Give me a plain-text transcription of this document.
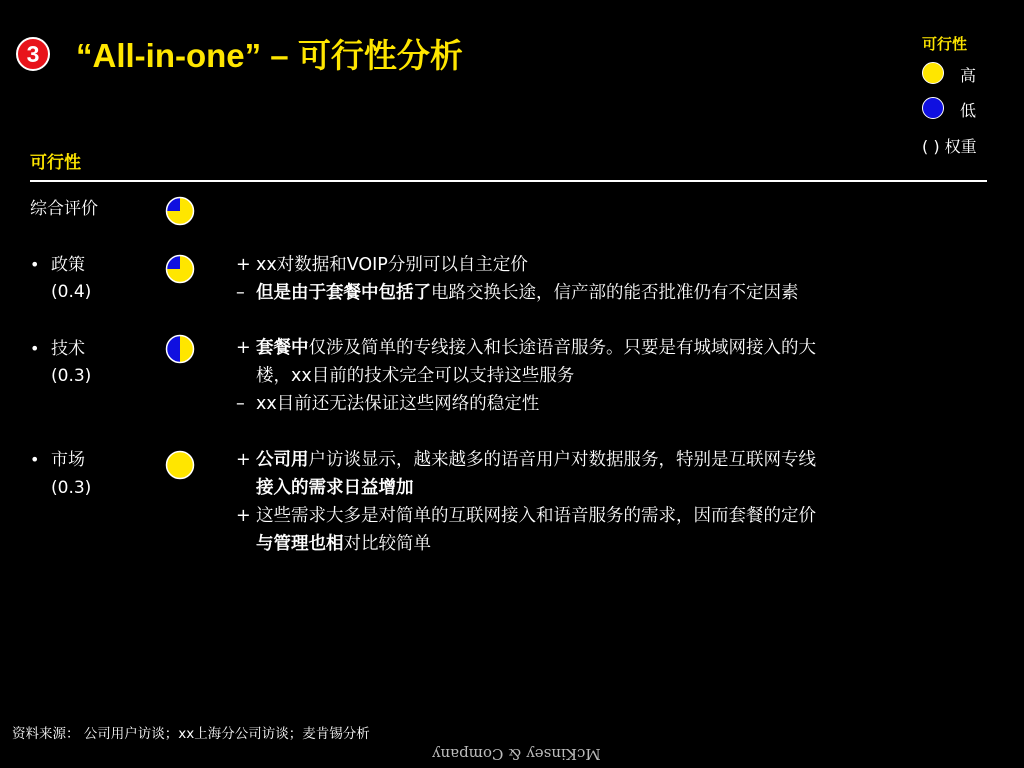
3	“All-in-one” – 可行性分析	可行性
高
低
( ) 权重
可行性
综合评价
• 政策
(0.4)
+ xx对数据和VOIP分别可以自主定价
– 但是由于套餐中包括了电路交换长途，信产部的能否批准仍有不定因素
• 技术
(0.3)
+ 套餐中仅涉及简单的专线接入和长途语音服务。只要是有城域网接入的大
楼，xx目前的技术完全可以支持这些服务
– xx目前还无法保证这些网络的稳定性
• 市场
(0.3)
+ 公司用户访谈显示，越来越多的语音用户对数据服务，特别是互联网专线
接入的需求日益增加
+ 这些需求大多是对简单的互联网接入和语音服务的需求，因而套餐的定价
与管理也相对比较简单
资料来源： 公司用户访谈；xx上海分公司访谈；麦肯锡分析
McKinsey & Company
